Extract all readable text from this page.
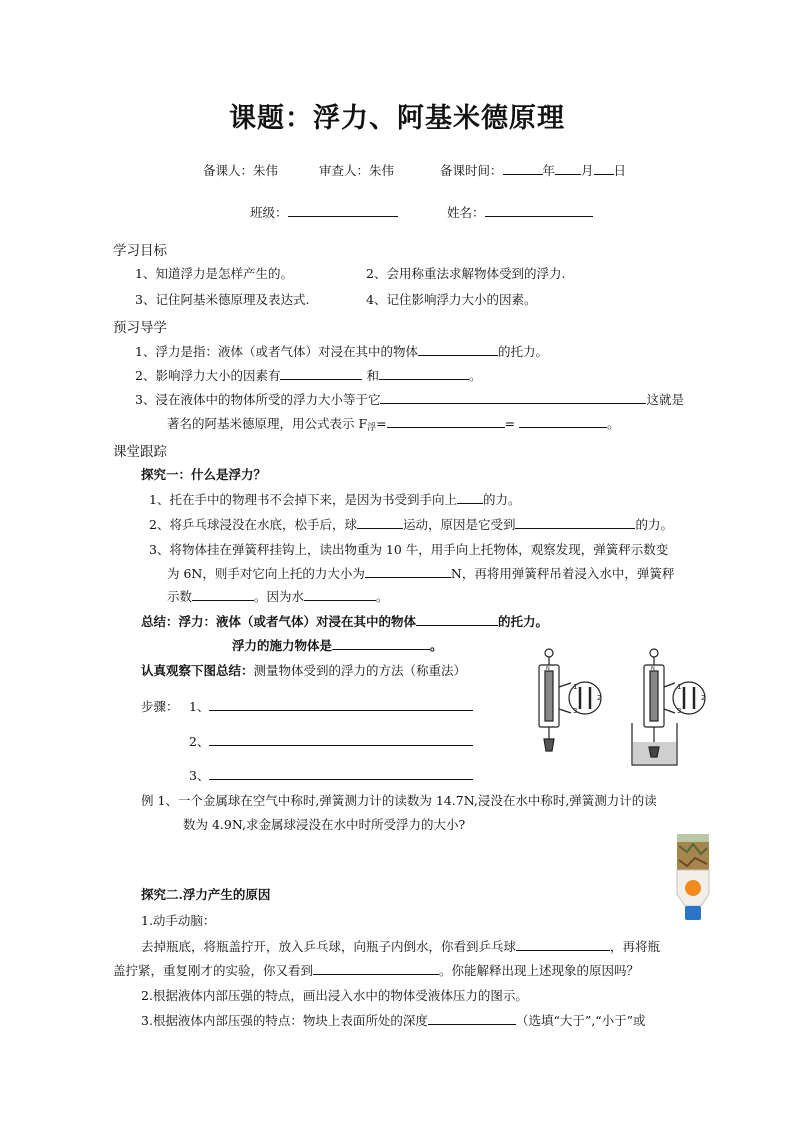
课题：浮力、阿基米德原理
备课人：朱伟	审查人：朱伟	备课时间：	年 月 日
班级：	姓名：
学习目标
1、知道浮力是怎样产生的。	2、会用称重法求解物体受到的浮力.
3、记住阿基米德原理及表达式.	4、记住影响浮力大小的因素。
预习导学
1、浮力是指：液体（或者气体）对浸在其中的物体	的托力。
2、影响浮力大小的因素有	和	。
3、浸在液体中的物体所受的浮力大小等于它	这就是
著名的阿基米德原理，用公式表示 $F_浮=$	=	。
课堂跟踪
探究一：什么是浮力？
1、托在手中的物理书不会掉下来，是因为书受到手向上 的力。
2、将乒乓球浸没在水底，松手后，球	运动，原因是它受到	的力。
3、将物体挂在弹簧秤挂钩上，读出物重为 10 牛，用手向上托物体，观察发现，弹簧秤示数变
为 6N，则手对它向上托的力大小为	N，再将用弹簧秤吊着浸入水中，弹簧秤
示数	。因为水	。
总结：浮力：液体（或者气体）对浸在其中的物体	的托力。
浮力的施力物体是	。
认真观察下图总结：测量物体受到的浮力的方法（称重法）
步骤： 1、
2、
3、
1
2
3
1
2
3
N	N
例 1、一个金属球在空气中称时,弹簧测力计的读数为 14.7N,浸没在水中称时,弹簧测力计的读
数为 4.9N,求金属球浸没在水中时所受浮力的大小?
探究二.浮力产生的原因
1.动手动脑：
去掉瓶底，将瓶盖拧开，放入乒乓球，向瓶子内倒水，你看到乒乓球	，再将瓶
盖拧紧，重复刚才的实验，你又看到	。你能解释出现上述现象的原因吗？
2.根据液体内部压强的特点，画出浸入水中的物体受液体压力的图示。
3.根据液体内部压强的特点：物块上表面所处的深度	（选填“大于”,“小于”或
